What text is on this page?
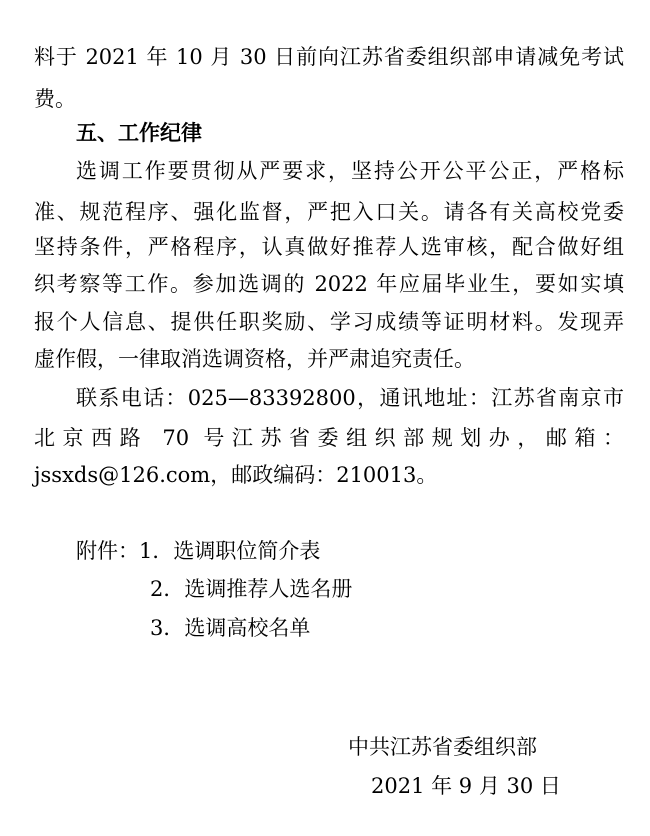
料于 2021 年 10 月 30 日前向江苏省委组织部申请减免考试
费。
五、工作纪律
选调工作要贯彻从严要求，坚持公开公平公正，严格标
准、规范程序、强化监督，严把入口关。请各有关高校党委
坚持条件，严格程序，认真做好推荐人选审核，配合做好组
织考察等工作。参加选调的 2022 年应届毕业生，要如实填
报个人信息、提供任职奖励、学习成绩等证明材料。发现弄
虚作假，一律取消选调资格，并严肃追究责任。
联系电话：025—83392800，通讯地址：江苏省南京市
北京西路 70 号江苏省委组织部规划办，邮箱：
jssxds@126.com，邮政编码：210013。
附件：1．选调职位简介表
2．选调推荐人选名册
3．选调高校名单
中共江苏省委组织部
2021 年 9 月 30 日
